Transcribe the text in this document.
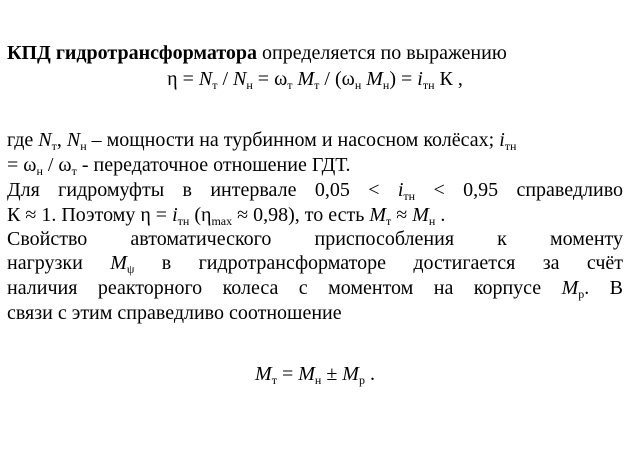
КПД гидротрансформатора определяется по выражению
$\eta = N_т / N_н = \omega_т$ $M_т / (\omega_н$ $M_н) = i_{тн}$ К ,
где $N_т$, $N_н$ – мощности на турбинном и насосном колёсах; $i_{тн}$
= $\omega_н / \omega_т$ - передаточное отношение ГДТ.
Для гидромуфты в интервале $0,05 < i_{тн} < 0,95$ справедливо
К ≈ 1. Поэтому $\eta = i_{тн}$ $(\eta_{max} \approx 0,98)$, то есть $M_т \approx M_н$ .
Свойство автоматического приспособления к моменту
нагрузки $M_\psi$ в гидротрансформаторе достигается за счёт
наличия реакторного колеса с моментом на корпусе $M_р$. В
связи с этим справедливо соотношение
$M_т = M_н \pm M_р$ .
